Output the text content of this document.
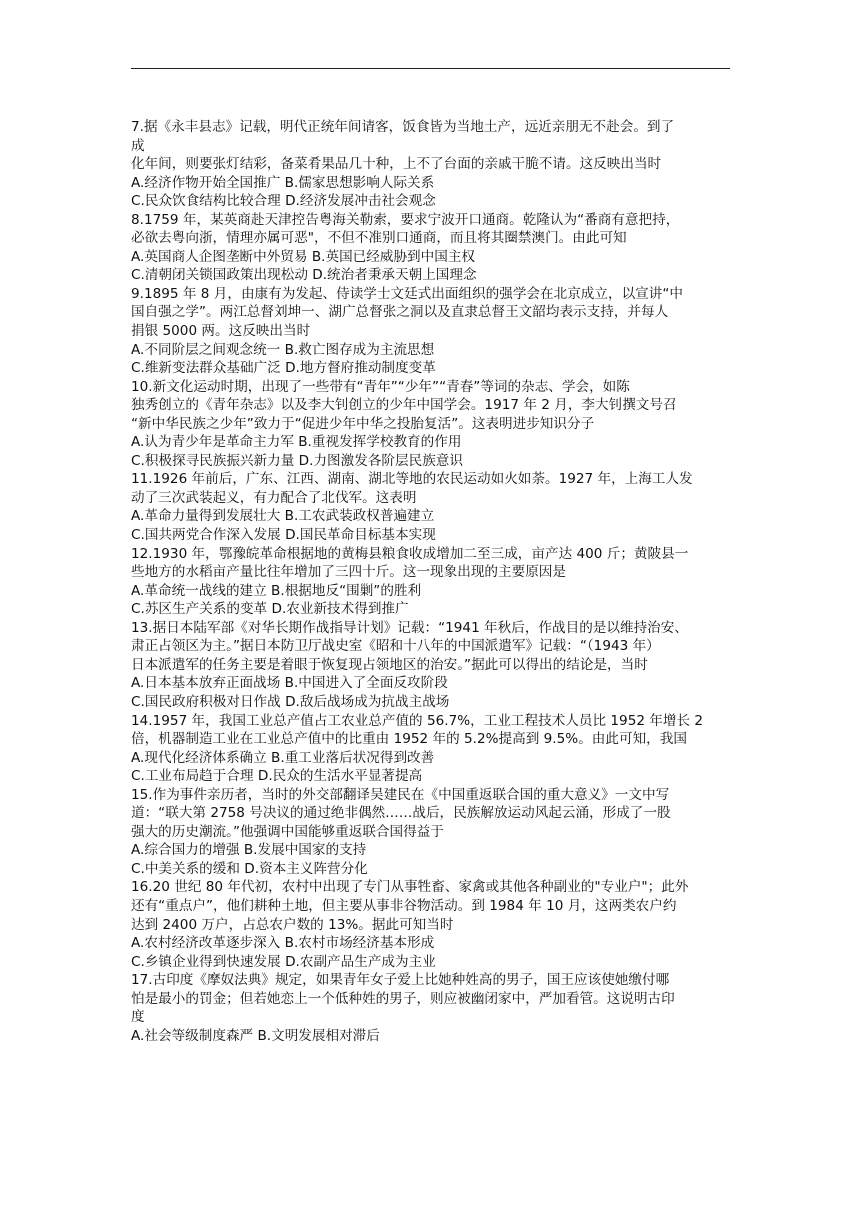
7.据《永丰县志》记载，明代正统年间请客，饭食皆为当地土产，远近亲朋无不赴会。到了

成

化年间，则要张灯结彩，备菜肴果品几十种，上不了台面的亲戚干脆不请。这反映出当时

A.经济作物开始全国推广 B.儒家思想影响人际关系

C.民众饮食结构比较合理 D.经济发展冲击社会观念

8.1759 年，某英商赴天津控告粤海关勒索，要求宁波开口通商。乾隆认为“番商有意把持，

必欲去粤向浙，情理亦属可恶"，不但不准别口通商，而且将其圈禁澳门。由此可知

A.英国商人企图垄断中外贸易 B.英国已经威胁到中国主权

C.清朝闭关锁国政策出现松动 D.统治者秉承天朝上国理念

9.1895 年 8 月，由康有为发起、侍读学士文廷式出面组织的强学会在北京成立，以宣讲“中

国自强之学”。两江总督刘坤一、湖广总督张之洞以及直隶总督王文韶均表示支持，并每人

捐银 5000 两。这反映出当时

A.不同阶层之间观念统一 B.救亡图存成为主流思想

C.维新变法群众基础广泛 D.地方督府推动制度变革

10.新文化运动时期，出现了一些带有“青年”“少年”“青春”等词的杂志、学会，如陈

独秀创立的《青年杂志》以及李大钊创立的少年中国学会。1917 年 2 月，李大钊撰文号召

“新中华民族之少年”致力于“促进少年中华之投胎复活”。这表明进步知识分子

A.认为青少年是革命主力军 B.重视发挥学校教育的作用

C.积极探寻民族振兴新力量 D.力图激发各阶层民族意识

11.1926 年前后，广东、江西、湖南、湖北等地的农民运动如火如荼。1927 年，上海工人发

动了三次武装起义，有力配合了北伐军。这表明

A.革命力量得到发展壮大 B.工农武装政权普遍建立

C.国共两党合作深入发展 D.国民革命目标基本实现

12.1930 年，鄂豫皖革命根据地的黄梅县粮食收成增加二至三成，亩产达 400 斤；黄陂县一

些地方的水稻亩产量比往年增加了三四十斤。这一现象出现的主要原因是

A.革命统一战线的建立 B.根据地反“围剿”的胜利

C.苏区生产关系的变革 D.农业新技术得到推广

13.据日本陆军部《对华长期作战指导计划》记载：“1941 年秋后，作战目的是以维持治安、

肃正占领区为主。”据日本防卫厅战史室《昭和十八年的中国派遣军》记载：“（1943 年）

日本派遣军的任务主要是着眼于恢复现占领地区的治安。”据此可以得出的结论是，当时

A.日本基本放弃正面战场 B.中国进入了全面反攻阶段

C.国民政府积极对日作战 D.敌后战场成为抗战主战场

14.1957 年，我国工业总产值占工农业总产值的 56.7%，工业工程技术人员比 1952 年增长 2

倍，机器制造工业在工业总产值中的比重由 1952 年的 5.2%提高到 9.5%。由此可知，我国

A.现代化经济体系确立 B.重工业落后状况得到改善

C.工业布局趋于合理 D.民众的生活水平显著提高

15.作为事件亲历者，当时的外交部翻译吴建民在《中国重返联合国的重大意义》一文中写

道：“联大第 2758 号决议的通过绝非偶然……战后，民族解放运动风起云涌，形成了一股

强大的历史潮流。”他强调中国能够重返联合国得益于

A.综合国力的增强 B.发展中国家的支持

C.中美关系的缓和 D.资本主义阵营分化

16.20 世纪 80 年代初，农村中出现了专门从事牲畜、家禽或其他各种副业的"专业户"；此外

还有“重点户”，他们耕种土地，但主要从事非谷物活动。到 1984 年 10 月，这两类农户约

达到 2400 万户，占总农户数的 13%。据此可知当时

A.农村经济改革逐步深入 B.农村市场经济基本形成

C.乡镇企业得到快速发展 D.农副产品生产成为主业

17.古印度《摩奴法典》规定，如果青年女子爱上比她种姓高的男子，国王应该使她缴付哪

怕是最小的罚金；但若她恋上一个低种姓的男子，则应被幽闭家中，严加看管。这说明古印

度

A.社会等级制度森严 B.文明发展相对滞后
